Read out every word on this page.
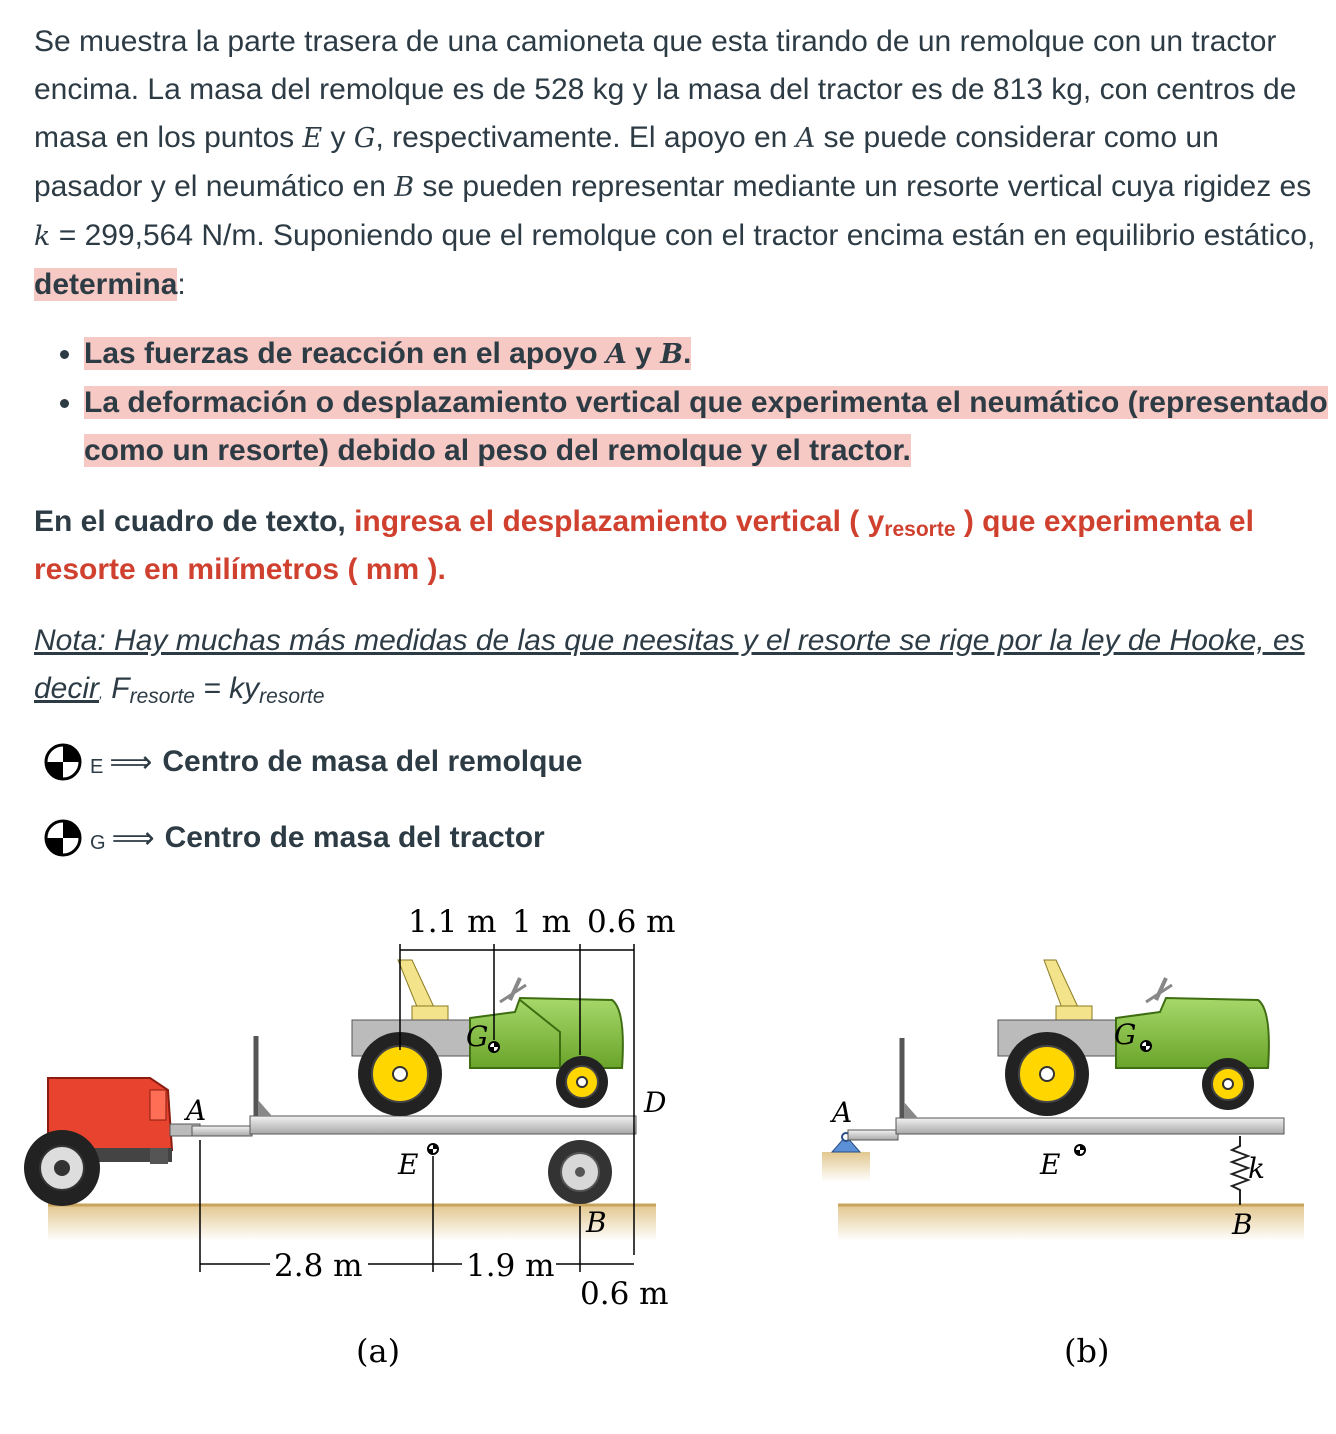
Se muestra la parte trasera de una camioneta que esta tirando de un remolque con un tractor encima. La masa del remolque es de 528 kg y la masa del tractor es de 813 kg, con centros de masa en los puntos E y G, respectivamente. El apoyo en A se puede considerar como un pasador y el neumático en B se pueden representar mediante un resorte vertical cuya rigidez es k = 299,564 N/m. Suponiendo que el remolque con el tractor encima están en equilibrio estático, determina:

• Las fuerzas de reacción en el apoyo A y B.
• La deformación o desplazamiento vertical que experimenta el neumático (representado como un resorte) debido al peso del remolque y el tractor.

En el cuadro de texto, ingresa el desplazamiento vertical ( $y_{resorte}$ ) que experimenta el resorte en milímetros ( mm ).

Nota: Hay muchas más medidas de las que neesitas y el resorte se rige por la ley de Hooke, es decir, $F_{resorte} = ky_{resorte}$

E ⟹ Centro de masa del remolque
G ⟹ Centro de masa del tractor
G
E
A	D
B
1.1 m 1 m 0.6 m
2.8 m	1.9 m
0.6 m
(a)
A
k
B
G
E
(b)
